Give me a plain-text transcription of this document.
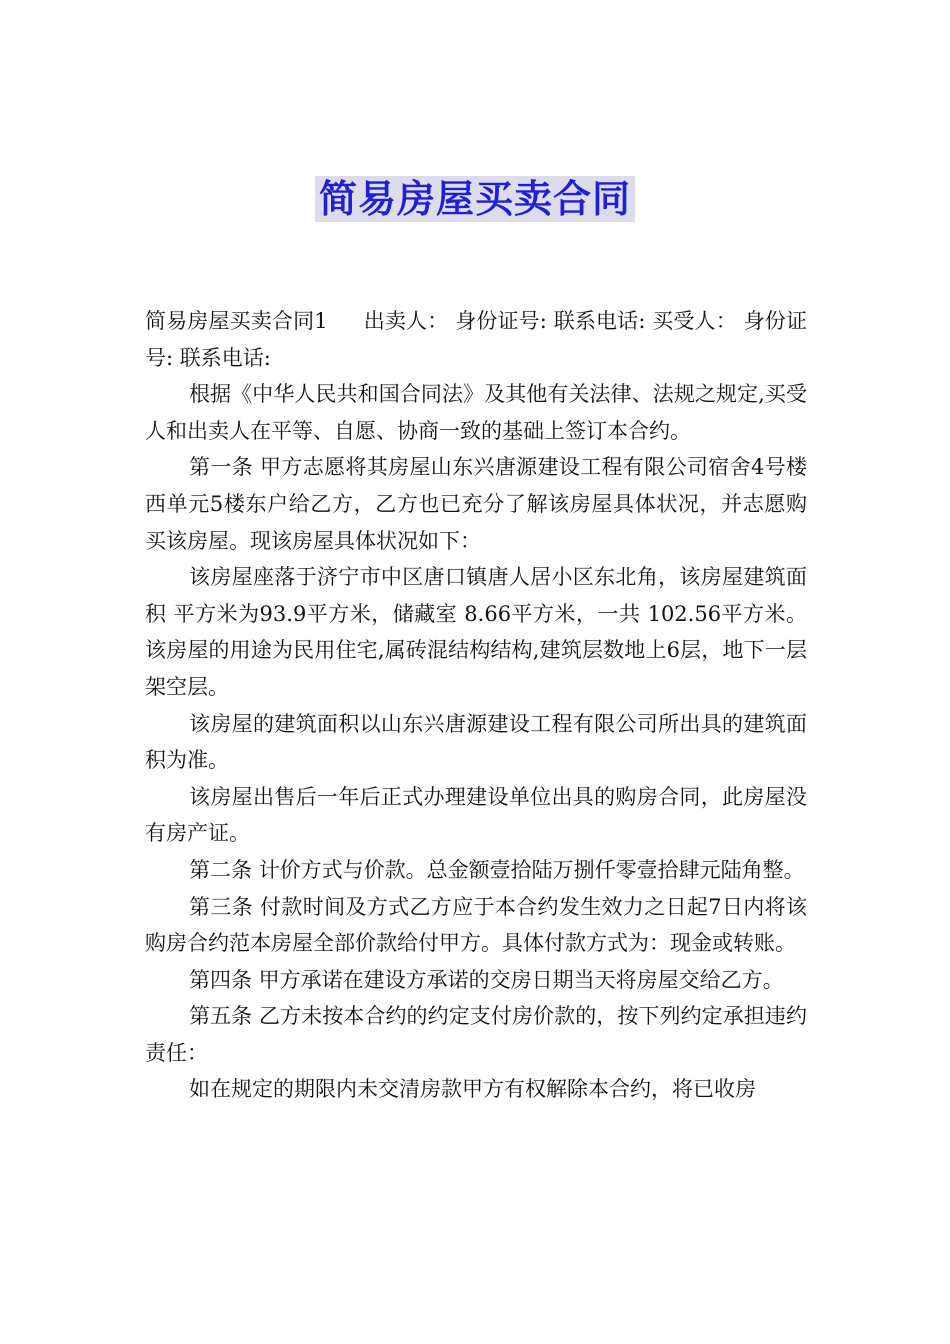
简易房屋买卖合同

简易房屋买卖合同1 出卖人： 身份证号: 联系电话: 买受人： 身份证号: 联系电话:

根据《中华人民共和国合同法》及其他有关法律、法规之规定,买受人和出卖人在平等、自愿、协商一致的基础上签订本合约。

第一条 甲方志愿将其房屋山东兴唐源建设工程有限公司宿舍4号楼西单元5楼东户给乙方，乙方也已充分了解该房屋具体状况，并志愿购买该房屋。现该房屋具体状况如下：

该房屋座落于济宁市中区唐口镇唐人居小区东北角，该房屋建筑面积 平方米为93.9平方米，储藏室 8.66平方米，一共 102.56平方米。该房屋的用途为民用住宅,属砖混结构结构,建筑层数地上6层，地下一层架空层。

该房屋的建筑面积以山东兴唐源建设工程有限公司所出具的建筑面积为准。

该房屋出售后一年后正式办理建设单位出具的购房合同，此房屋没有房产证。

第二条 计价方式与价款。总金额壹拾陆万捌仟零壹拾肆元陆角整。

第三条 付款时间及方式乙方应于本合约发生效力之日起7日内将该购房合约范本房屋全部价款给付甲方。具体付款方式为：现金或转账。

第四条 甲方承诺在建设方承诺的交房日期当天将房屋交给乙方。

第五条 乙方未按本合约的约定支付房价款的，按下列约定承担违约责任：

如在规定的期限内未交清房款甲方有权解除本合约，将已收房
